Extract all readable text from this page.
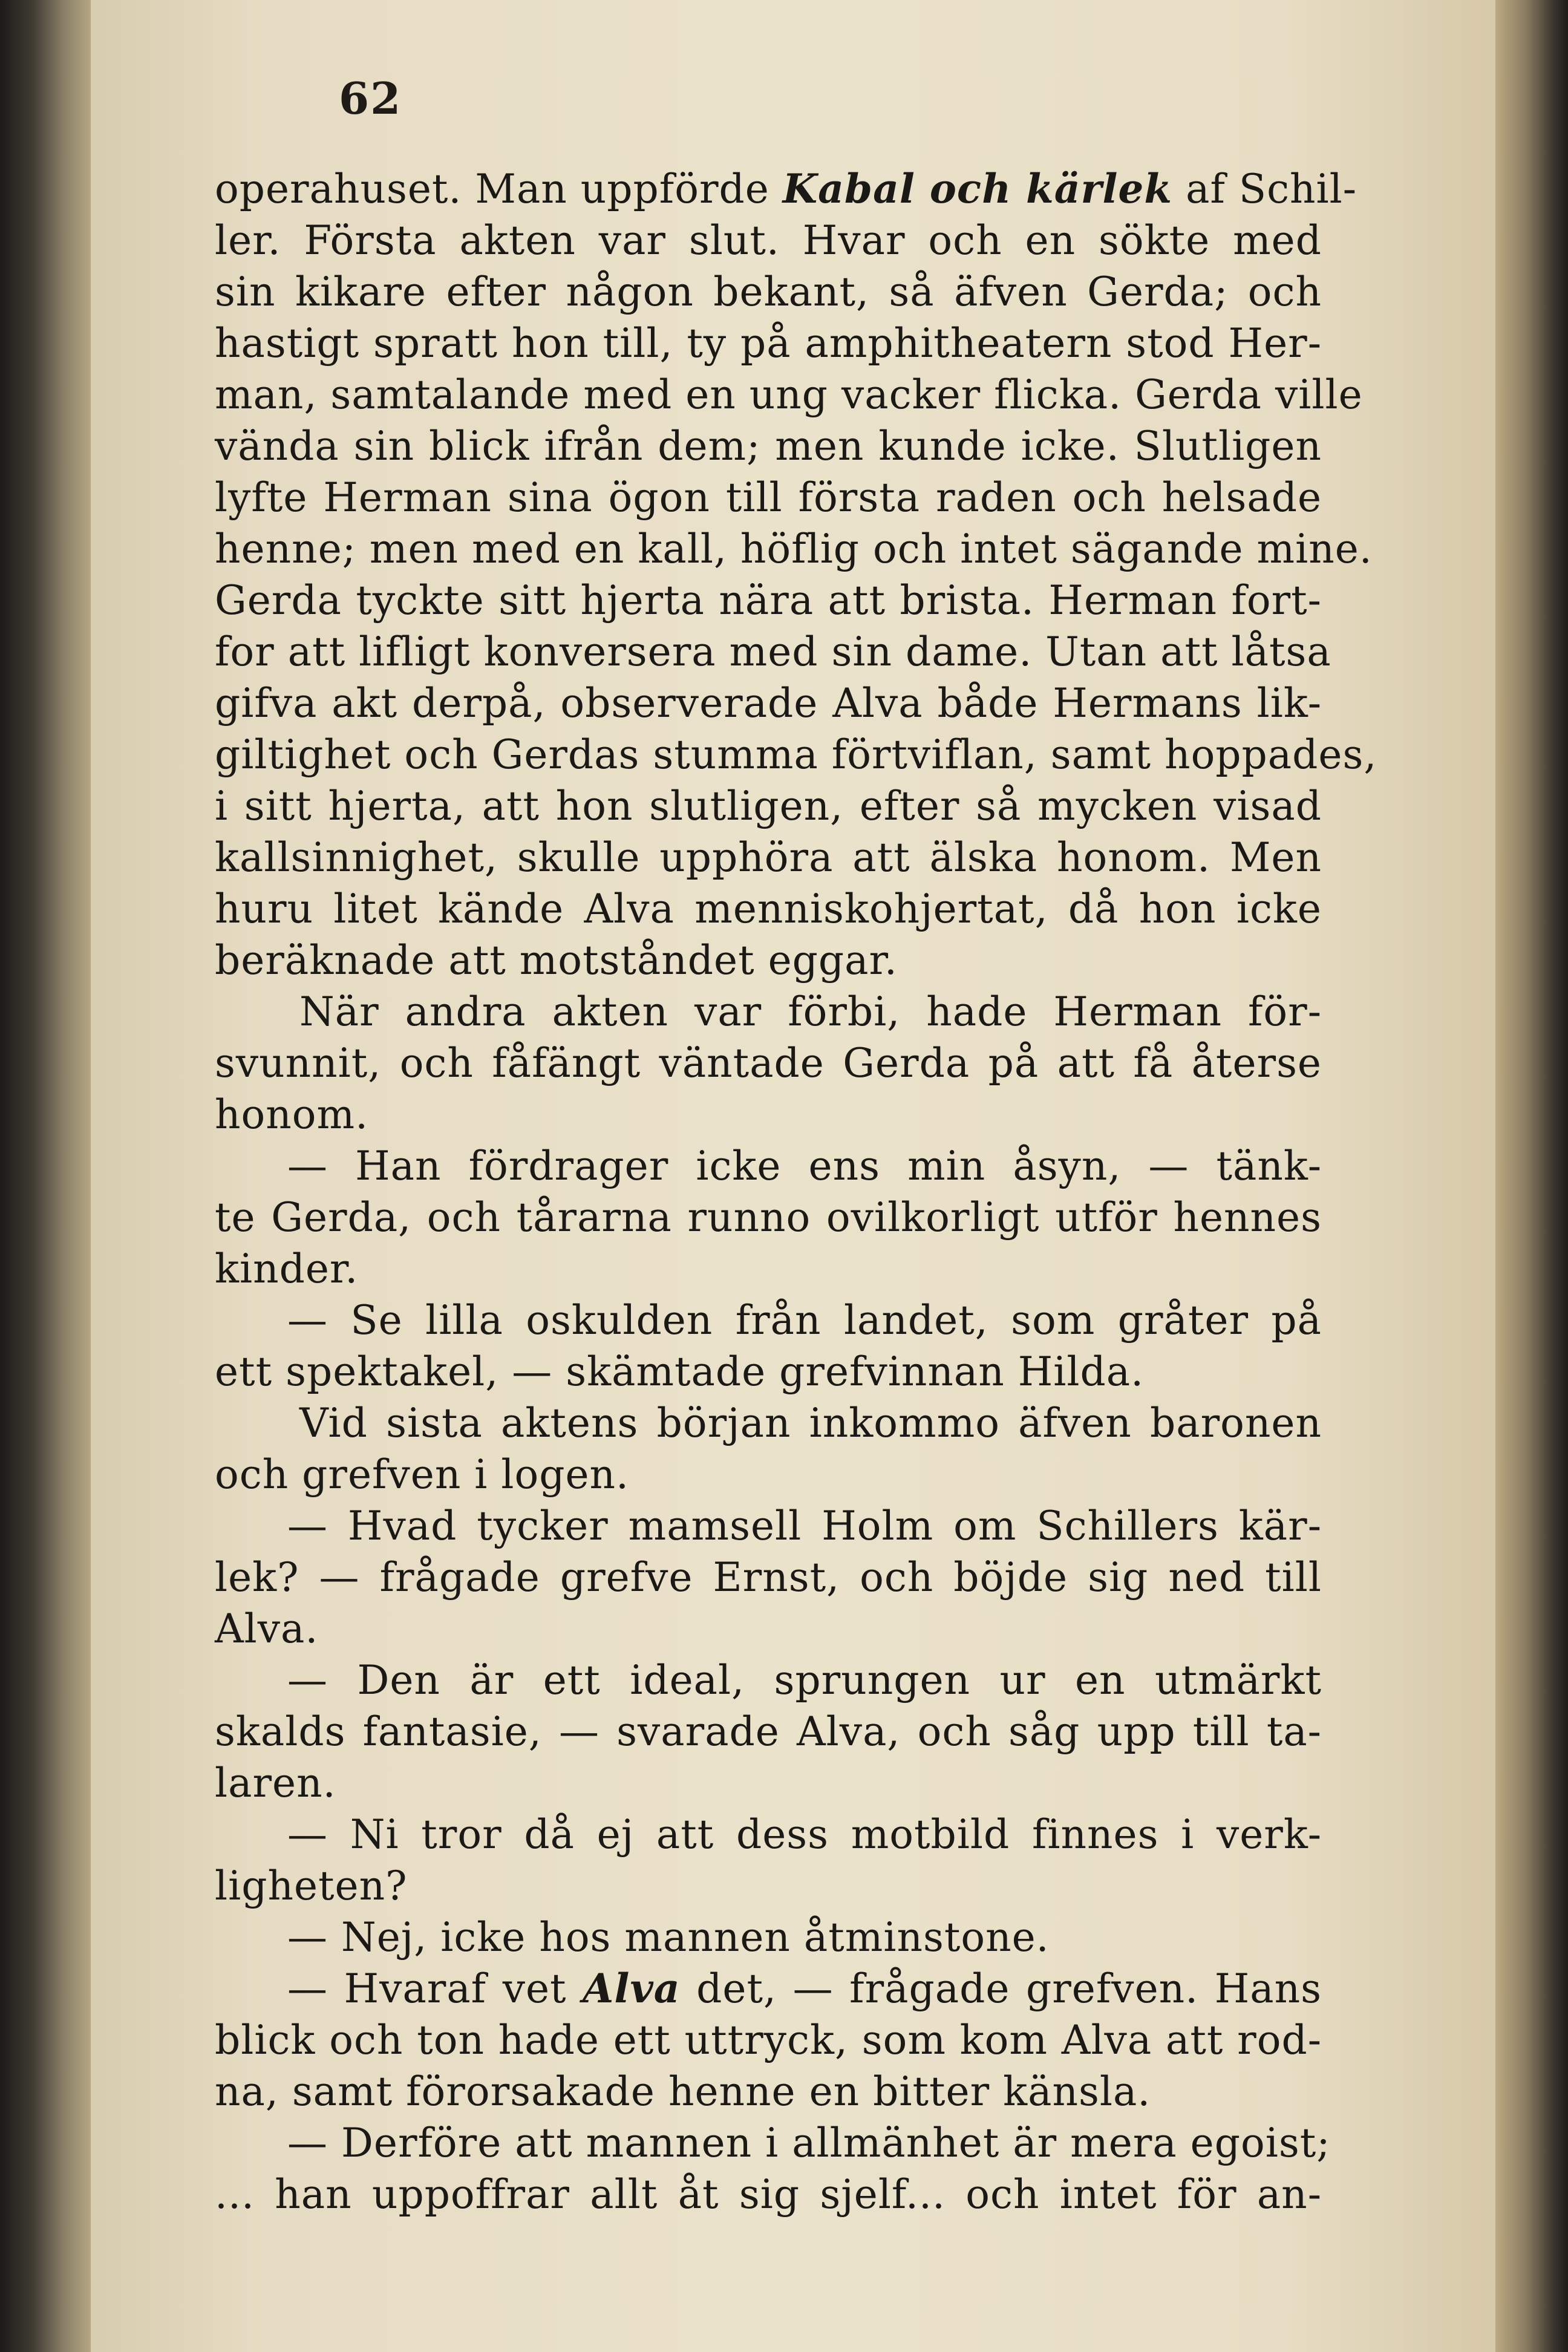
62
operahuset. Man uppförde Kabal och kärlek af Schil-
ler. Första akten var slut. Hvar och en sökte med
sin kikare efter någon bekant, så äfven Gerda; och
hastigt spratt hon till, ty på amphitheatern stod Her-
man, samtalande med en ung vacker flicka. Gerda ville
vända sin blick ifrån dem; men kunde icke. Slutligen
lyfte Herman sina ögon till första raden och helsade
henne; men med en kall, höflig och intet sägande mine.
Gerda tyckte sitt hjerta nära att brista. Herman fort-
for att lifligt konversera med sin dame. Utan att låtsa
gifva akt derpå, observerade Alva både Hermans lik-
giltighet och Gerdas stumma förtviflan, samt hoppades,
i sitt hjerta, att hon slutligen, efter så mycken visad
kallsinnighet, skulle upphöra att älska honom. Men
huru litet kände Alva menniskohjertat, då hon icke
beräknade att motståndet eggar.
När andra akten var förbi, hade Herman för-
svunnit, och fåfängt väntade Gerda på att få återse
honom.
— Han fördrager icke ens min åsyn, — tänk-
te Gerda, och tårarna runno ovilkorligt utför hennes
kinder.
— Se lilla oskulden från landet, som gråter på
ett spektakel, — skämtade grefvinnan Hilda.
Vid sista aktens början inkommo äfven baronen
och grefven i logen.
— Hvad tycker mamsell Holm om Schillers kär-
lek? — frågade grefve Ernst, och böjde sig ned till
Alva.
— Den är ett ideal, sprungen ur en utmärkt
skalds fantasie, — svarade Alva, och såg upp till ta-
laren.
— Ni tror då ej att dess motbild finnes i verk-
ligheten?
— Nej, icke hos mannen åtminstone.
— Hvaraf vet Alva det, — frågade grefven. Hans
blick och ton hade ett uttryck, som kom Alva att rod-
na, samt förorsakade henne en bitter känsla.
— Derföre att mannen i allmänhet är mera egoist;
... han uppoffrar allt åt sig sjelf... och intet för an-
